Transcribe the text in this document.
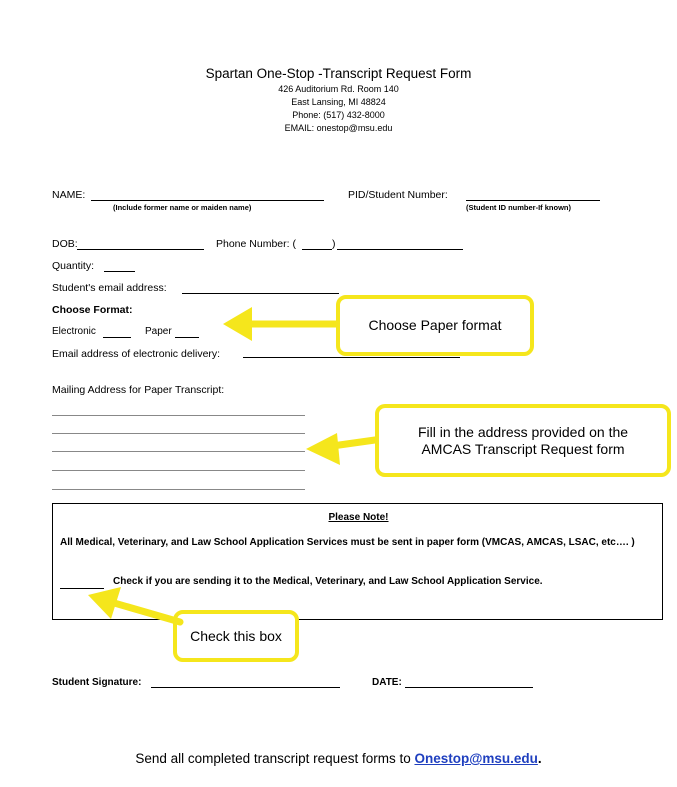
Spartan One-Stop -Transcript Request Form
426 Auditorium Rd. Room 140
East Lansing, MI 48824
Phone: (517) 432-8000
EMAIL: onestop@msu.edu
NAME:
(Include former name or maiden name)
PID/Student Number:
(Student ID number-If known)
DOB:	Phone Number: (	)
Quantity:
Student's email address:
Choose Format:
Electronic	Paper
Email address of electronic delivery:
Mailing Address for Paper Transcript:
Please Note!
All Medical, Veterinary, and Law School Application Services must be sent in paper form (VMCAS, AMCAS, LSAC, etc…. )
Check if you are sending it to the Medical, Veterinary, and Law School Application Service.
Student Signature:	DATE:
Choose Paper format
Fill in the address provided on the
AMCAS Transcript Request form
Check this box
Send all completed transcript request forms to Onestop@msu.edu.
